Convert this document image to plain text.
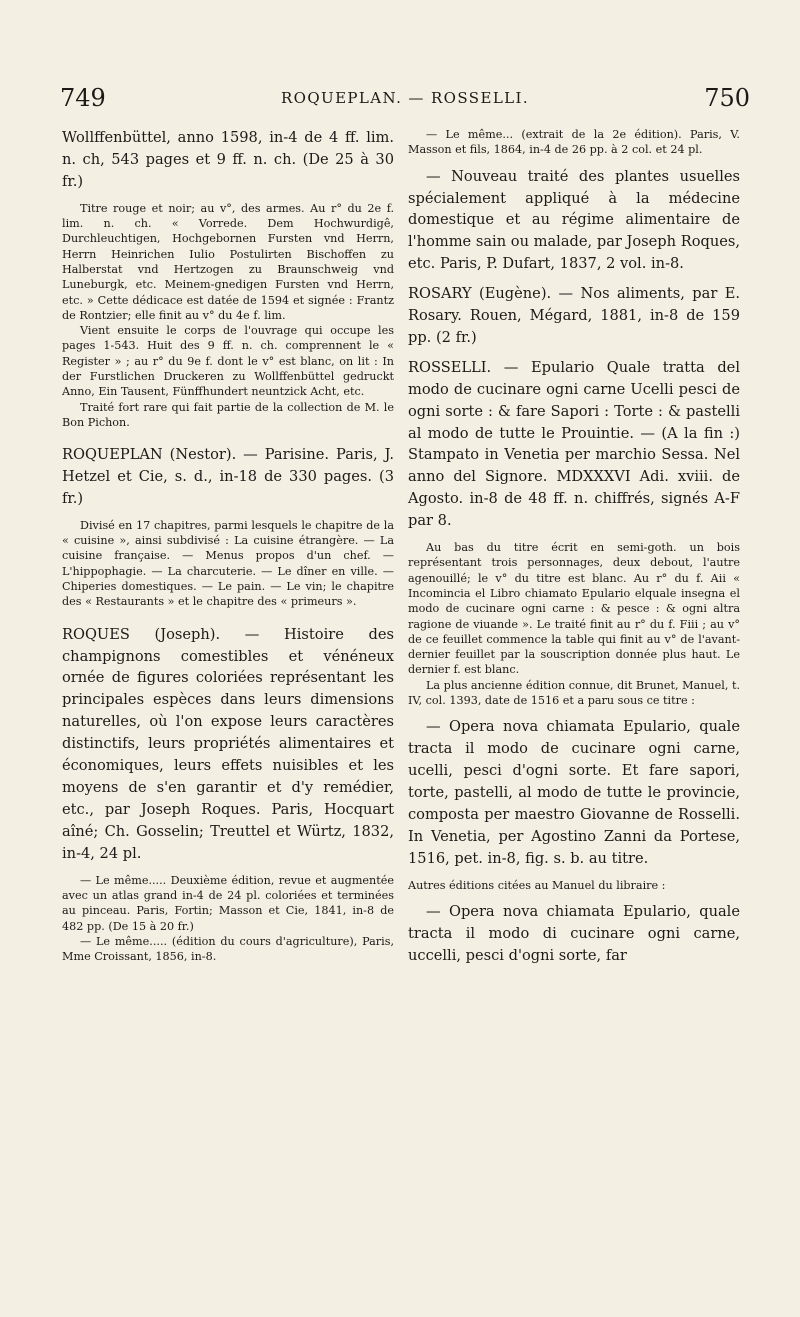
749	ROQUEPLAN. — ROSSELLI.	750

Wollffenbüttel, anno 1598, in-4 de 4 ff. lim. n. ch, 543 pages et 9 ff. n. ch. (De 25 à 30 fr.)

Titre rouge et noir; au v°, des armes. Au r° du 2e f. lim. n. ch. « Vorrede. Dem Hochwurdigê, Durchleuchtigen, Hochgebornen Fursten vnd Herrn, Herrn Heinrichen Iulio Postulirten Bischoffen zu Halberstat vnd Hertzogen zu Braunschweig vnd Luneburgk, etc. Meinem-gnedigen Fursten vnd Herrn, etc. » Cette dédicace est datée de 1594 et signée : Frantz de Rontzier; elle finit au v° du 4e f. lim.

Vient ensuite le corps de l'ouvrage qui occupe les pages 1-543. Huit des 9 ff. n. ch. comprennent le « Register » ; au r° du 9e f. dont le v° est blanc, on lit : In der Furstlichen Druckeren zu Wollffenbüttel gedruckt Anno, Ein Tausent, Fünffhundert neuntzick Acht, etc.

Traité fort rare qui fait partie de la collection de M. le Bon Pichon.

ROQUEPLAN (Nestor). — Parisine. Paris, J. Hetzel et Cie, s. d., in-18 de 330 pages. (3 fr.)

Divisé en 17 chapitres, parmi lesquels le chapitre de la « cuisine », ainsi subdivisé : La cuisine étrangère. — La cuisine française. — Menus propos d'un chef. — L'hippophagie. — La charcuterie. — Le dîner en ville. — Chiperies domestiques. — Le pain. — Le vin; le chapitre des « Restaurants » et le chapitre des « primeurs ».

ROQUES (Joseph). — Histoire des champignons comestibles et vénéneux ornée de figures coloriées représentant les principales espèces dans leurs dimensions naturelles, où l'on expose leurs caractères distinctifs, leurs propriétés alimentaires et économiques, leurs effets nuisibles et les moyens de s'en garantir et d'y remédier, etc., par Joseph Roques. Paris, Hocquart aîné; Ch. Gosselin; Treuttel et Würtz, 1832, in-4, 24 pl.

— Le même..... Deuxième édition, revue et augmentée avec un atlas grand in-4 de 24 pl. coloriées et terminées au pinceau. Paris, Fortin; Masson et Cie, 1841, in-8 de 482 pp. (De 15 à 20 fr.)

— Le même..... (édition du cours d'agriculture), Paris, Mme Croissant, 1856, in-8.

— Le même... (extrait de la 2e édition). Paris, V. Masson et fils, 1864, in-4 de 26 pp. à 2 col. et 24 pl.

— Nouveau traité des plantes usuelles spécialement appliqué à la médecine domestique et au régime alimentaire de l'homme sain ou malade, par Joseph Roques, etc. Paris, P. Dufart, 1837, 2 vol. in-8.

ROSARY (Eugène). — Nos aliments, par E. Rosary. Rouen, Mégard, 1881, in-8 de 159 pp. (2 fr.)

ROSSELLI. — Epulario Quale tratta del modo de cucinare ogni carne Ucelli pesci de ogni sorte : & fare Sapori : Torte : & pastelli al modo de tutte le Prouintie. — (A la fin :) Stampato in Venetia per marchio Sessa. Nel anno del Signore. MDXXXVI Adi. xviii. de Agosto. in-8 de 48 ff. n. chiffrés, signés A-F par 8.

Au bas du titre écrit en semi-goth. un bois représentant trois personnages, deux debout, l'autre agenouillé; le v° du titre est blanc. Au r° du f. Aii « Incomincia el Libro chiamato Epulario elquale insegna el modo de cucinare ogni carne : & pesce : & ogni altra ragione de viuande ». Le traité finit au r° du f. Fiii ; au v° de ce feuillet commence la table qui finit au v° de l'avant-dernier feuillet par la souscription donnée plus haut. Le dernier f. est blanc.

La plus ancienne édition connue, dit Brunet, Manuel, t. IV, col. 1393, date de 1516 et a paru sous ce titre :

— Opera nova chiamata Epulario, quale tracta il modo de cucinare ogni carne, ucelli, pesci d'ogni sorte. Et fare sapori, torte, pastelli, al modo de tutte le provincie, composta per maestro Giovanne de Rosselli. In Venetia, per Agostino Zanni da Portese, 1516, pet. in-8, fig. s. b. au titre.

Autres éditions citées au Manuel du libraire :

— Opera nova chiamata Epulario, quale tracta il modo di cucinare ogni carne, uccelli, pesci d'ogni sorte, far
